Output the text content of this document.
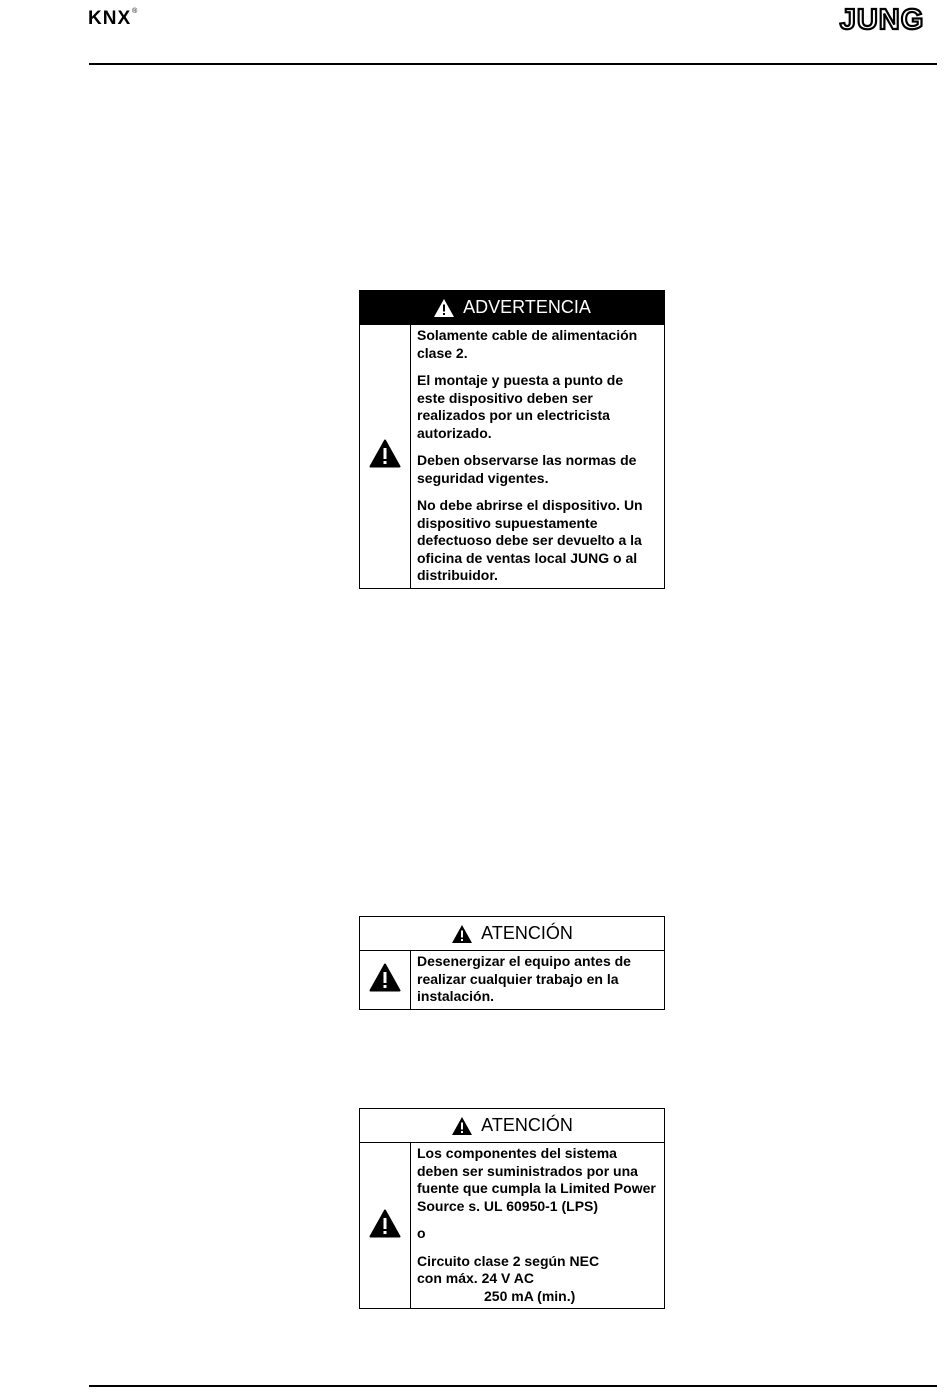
KNX®	JUNG
ADVERTENCIA

Solamente cable de alimentación clase 2.

El montaje y puesta a punto de este dispositivo deben ser realizados por un electricista autorizado.

Deben observarse las normas de seguridad vigentes.

No debe abrirse el dispositivo. Un dispositivo supuestamente defectuoso debe ser devuelto a la oficina de ventas local JUNG o al distribuidor.

ATENCIÓN

Desenergizar el equipo antes de realizar cualquier trabajo en la instalación.

ATENCIÓN

Los componentes del sistema deben ser suministrados por una fuente que cumpla la Limited Power Source s. UL 60950-1 (LPS)

o

Circuito clase 2 según NEC

con máx. 24 V AC

250 mA (min.)
